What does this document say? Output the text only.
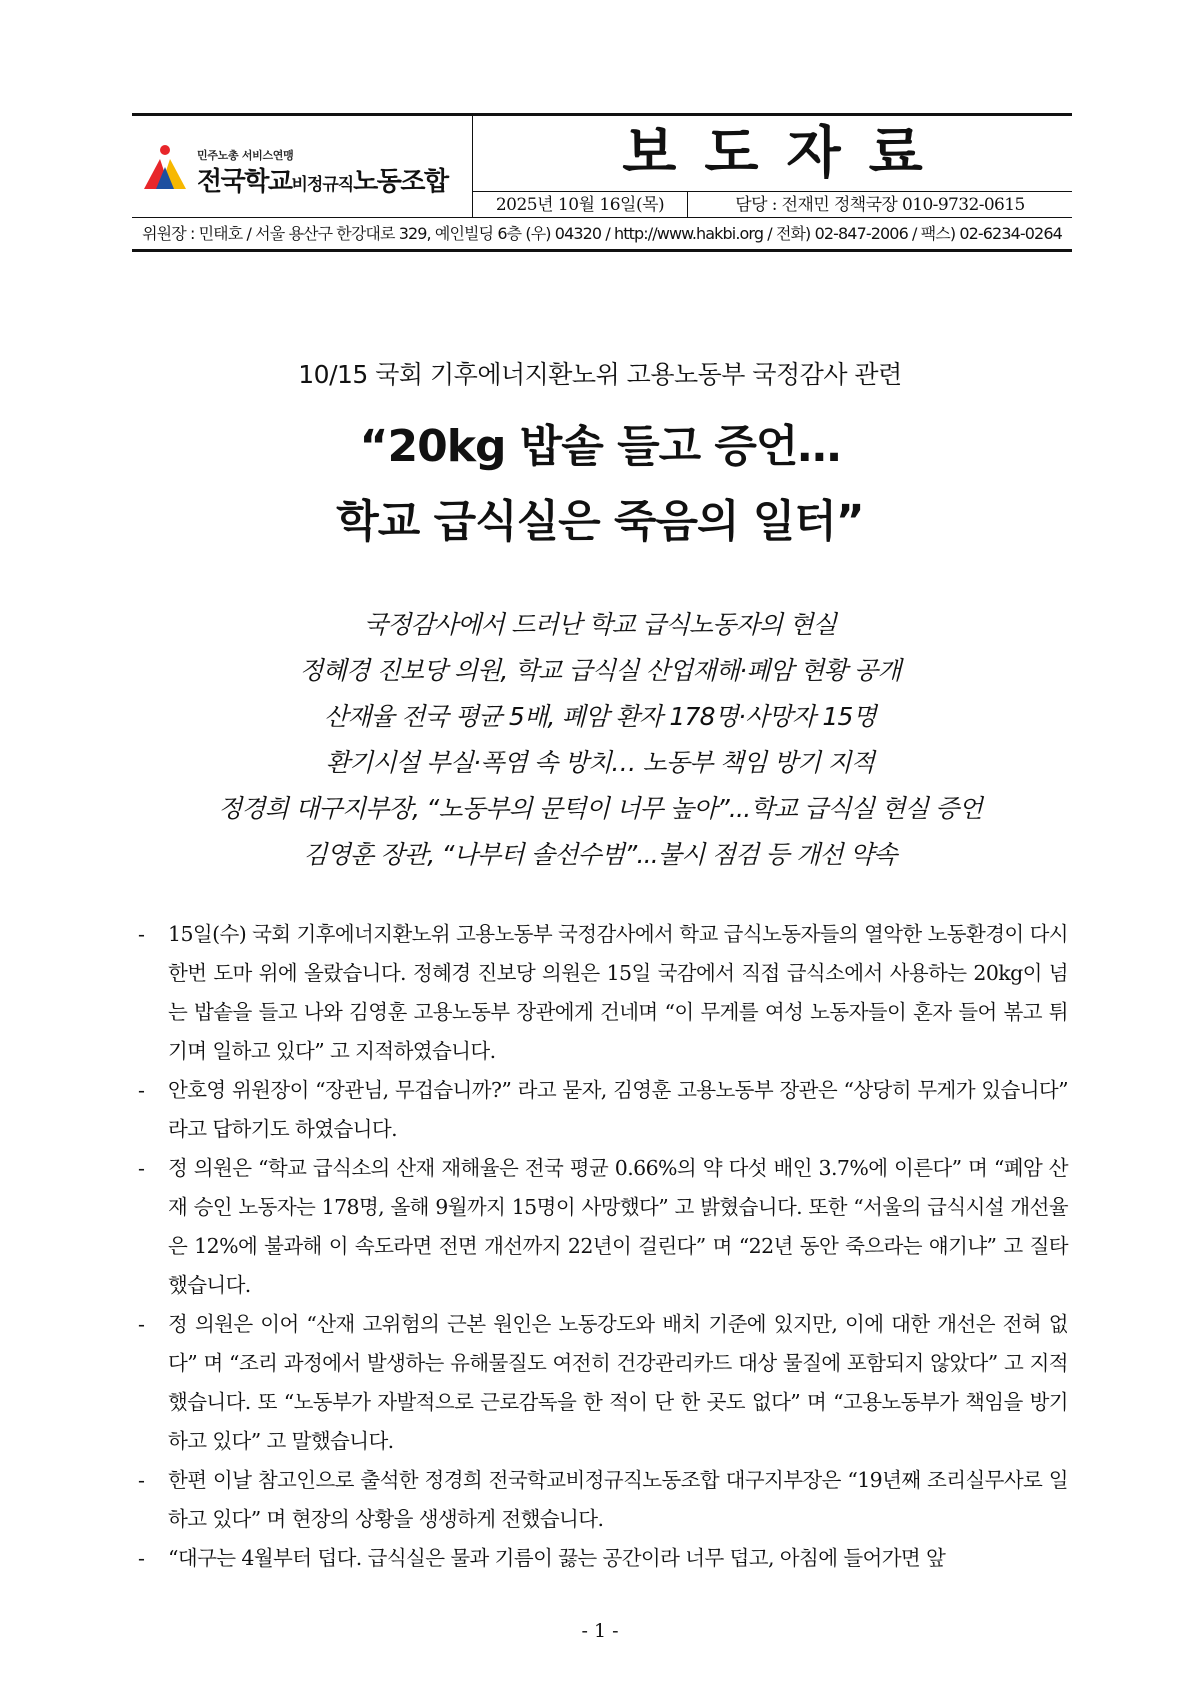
민주노총 서비스연맹
전국학교비정규직노동조합	보도자료
2025년 10월 16일(목)	담당 : 전재민 정책국장 010-9732-0615
위원장 : 민태호 / 서울 용산구 한강대로 329, 예인빌딩 6층 (우) 04320 / http://www.hakbi.org / 전화) 02-847-2006 / 팩스) 02-6234-0264
10/15 국회 기후에너지환노위 고용노동부 국정감사 관련
“20kg 밥솥 들고 증언…
학교 급식실은 죽음의 일터”
국정감사에서 드러난 학교 급식노동자의 현실
정혜경 진보당 의원, 학교 급식실 산업재해·폐암 현황 공개
산재율 전국 평균 5배, 폐암 환자 178명·사망자 15명
환기시설 부실·폭염 속 방치… 노동부 책임 방기 지적
정경희 대구지부장, “노동부의 문턱이 너무 높아”...학교 급식실 현실 증언
김영훈 장관, “나부터 솔선수범”...불시 점검 등 개선 약속

- 15일(수) 국회 기후에너지환노위 고용노동부 국정감사에서 학교 급식노동자들의 열악한 노동환경이 다시 한번 도마 위에 올랐습니다. 정혜경 진보당 의원은 15일 국감에서 직접 급식소에서 사용하는 20kg이 넘는 밥솥을 들고 나와 김영훈 고용노동부 장관에게 건네며 “이 무게를 여성 노동자들이 혼자 들어 볶고 튀기며 일하고 있다” 고 지적하였습니다.

- 안호영 위원장이 “장관님, 무겁습니까?” 라고 묻자, 김영훈 고용노동부 장관은 “상당히 무게가 있습니다” 라고 답하기도 하였습니다.

- 정 의원은 “학교 급식소의 산재 재해율은 전국 평균 0.66%의 약 다섯 배인 3.7%에 이른다” 며 “폐암 산재 승인 노동자는 178명, 올해 9월까지 15명이 사망했다” 고 밝혔습니다. 또한 “서울의 급식시설 개선율은 12%에 불과해 이 속도라면 전면 개선까지 22년이 걸린다” 며 “22년 동안 죽으라는 얘기냐” 고 질타했습니다.

- 정 의원은 이어 “산재 고위험의 근본 원인은 노동강도와 배치 기준에 있지만, 이에 대한 개선은 전혀 없다” 며 “조리 과정에서 발생하는 유해물질도 여전히 건강관리카드 대상 물질에 포함되지 않았다” 고 지적했습니다. 또 “노동부가 자발적으로 근로감독을 한 적이 단 한 곳도 없다” 며 “고용노동부가 책임을 방기하고 있다” 고 말했습니다.

- 한편 이날 참고인으로 출석한 정경희 전국학교비정규직노동조합 대구지부장은 “19년째 조리실무사로 일하고 있다” 며 현장의 상황을 생생하게 전했습니다.

- “대구는 4월부터 덥다. 급식실은 물과 기름이 끓는 공간이라 너무 덥고, 아침에 들어가면 앞

- 1 -
